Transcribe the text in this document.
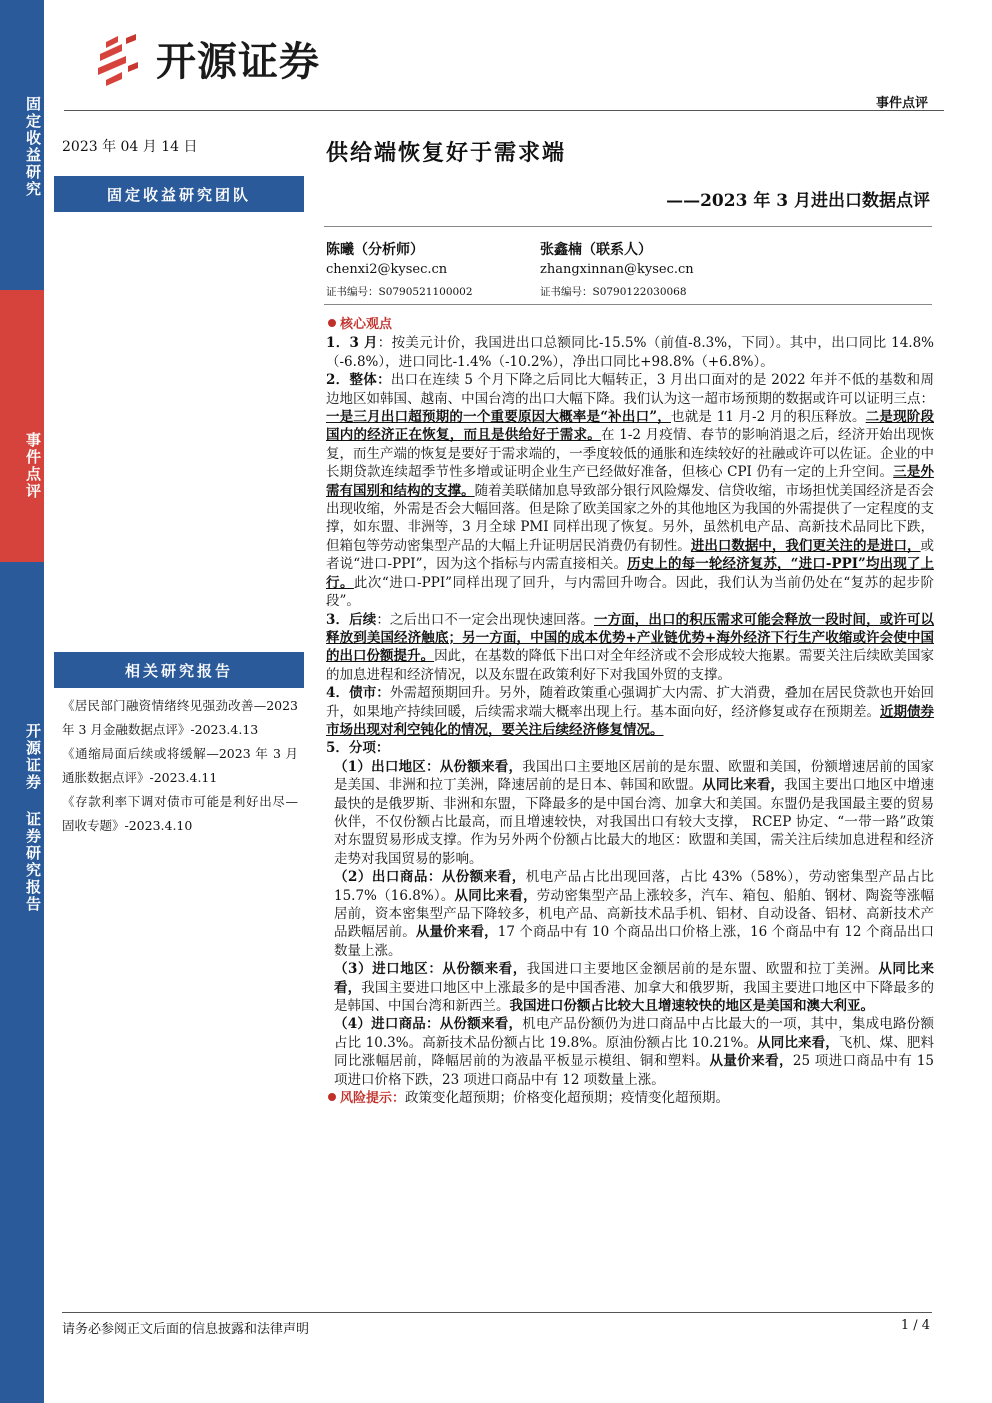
固定收益研究
事件点评
开源证券 证券研究报告
开源证券
事件点评
2023 年 04 月 14 日
固定收益研究团队
相关研究报告
《居民部门融资情绪终见强劲改善—2023 年 3 月金融数据点评》-2023.4.13
《通缩局面后续或将缓解—2023 年 3 月通胀数据点评》-2023.4.11
《存款利率下调对债市可能是利好出尽—固收专题》-2023.4.10
供给端恢复好于需求端
——2023 年 3 月进出口数据点评
陈曦（分析师）
chenxi2@kysec.cn
证书编号：S0790521100002
张鑫楠（联系人）
zhangxinnan@kysec.cn
证书编号：S0790122030068

核心观点

1．3 月：按美元计价，我国进出口总额同比-15.5%（前值-8.3%，下同）。其中，出口同比 14.8%（-6.8%），进口同比-1.4%（-10.2%），净出口同比+98.8%（+6.8%）。

2．整体：出口在连续 5 个月下降之后同比大幅转正，3 月出口面对的是 2022 年并不低的基数和周边地区如韩国、越南、中国台湾的出口大幅下降。我们认为这一超市场预期的数据或许可以证明三点：一是三月出口超预期的一个重要原因大概率是“补出口”，也就是 11 月-2 月的积压释放。二是现阶段国内的经济正在恢复，而且是供给好于需求。在 1-2 月疫情、春节的影响消退之后，经济开始出现恢复，而生产端的恢复是要好于需求端的，一季度较低的通胀和连续较好的社融或许可以佐证。企业的中长期贷款连续超季节性多增或证明企业生产已经做好准备，但核心 CPI 仍有一定的上升空间。三是外需有国别和结构的支撑。随着美联储加息导致部分银行风险爆发、信贷收缩，市场担忧美国经济是否会出现收缩，外需是否会大幅回落。但是除了欧美国家之外的其他地区为我国的外需提供了一定程度的支撑，如东盟、非洲等，3 月全球 PMI 同样出现了恢复。另外，虽然机电产品、高新技术品同比下跌，但箱包等劳动密集型产品的大幅上升证明居民消费仍有韧性。进出口数据中，我们更关注的是进口，或者说“进口-PPI”，因为这个指标与内需直接相关。历史上的每一轮经济复苏，“进口-PPI”均出现了上行。此次“进口-PPI”同样出现了回升，与内需回升吻合。因此，我们认为当前仍处在“复苏的起步阶段”。

3．后续：之后出口不一定会出现快速回落。一方面，出口的积压需求可能会释放一段时间，或许可以释放到美国经济触底；另一方面，中国的成本优势+产业链优势+海外经济下行生产收缩或许会使中国的出口份额提升。因此，在基数的降低下出口对全年经济或不会形成较大拖累。需要关注后续欧美国家的加息进程和经济情况，以及东盟在政策利好下对我国外贸的支撑。

4．债市：外需超预期回升。另外，随着政策重心强调扩大内需、扩大消费，叠加在居民贷款也开始回升，如果地产持续回暖，后续需求端大概率出现上行。基本面向好，经济修复或存在预期差。近期债券市场出现对利空钝化的情况，要关注后续经济修复情况。

5．分项：

（1）出口地区：从份额来看，我国出口主要地区居前的是东盟、欧盟和美国，份额增速居前的国家是美国、非洲和拉丁美洲，降速居前的是日本、韩国和欧盟。从同比来看，我国主要出口地区中增速最快的是俄罗斯、非洲和东盟，下降最多的是中国台湾、加拿大和美国。东盟仍是我国最主要的贸易伙伴，不仅份额占比最高，而且增速较快，对我国出口有较大支撑， RCEP 协定、“一带一路”政策对东盟贸易形成支撑。作为另外两个份额占比最大的地区：欧盟和美国，需关注后续加息进程和经济走势对我国贸易的影响。

（2）出口商品：从份额来看，机电产品占比出现回落，占比 43%（58%），劳动密集型产品占比 15.7%（16.8%）。从同比来看，劳动密集型产品上涨较多，汽车、箱包、船舶、钢材、陶瓷等涨幅居前，资本密集型产品下降较多，机电产品、高新技术品手机、铝材、自动设备、铝材、高新技术产品跌幅居前。从量价来看，17 个商品中有 10 个商品出口价格上涨，16 个商品中有 12 个商品出口数量上涨。

（3）进口地区：从份额来看，我国进口主要地区金额居前的是东盟、欧盟和拉丁美洲。从同比来看，我国主要进口地区中上涨最多的是中国香港、加拿大和俄罗斯，我国主要进口地区中下降最多的是韩国、中国台湾和新西兰。我国进口份额占比较大且增速较快的地区是美国和澳大利亚。

（4）进口商品：从份额来看，机电产品份额仍为进口商品中占比最大的一项，其中，集成电路份额占比 10.3%。高新技术品份额占比 19.8%。原油份额占比 10.21%。从同比来看，飞机、煤、肥料同比涨幅居前，降幅居前的为液晶平板显示模组、铜和塑料。从量价来看，25 项进口商品中有 15 项进口价格下跌，23 项进口商品中有 12 项数量上涨。

风险提示：政策变化超预期；价格变化超预期；疫情变化超预期。

请务必参阅正文后面的信息披露和法律声明	1 / 4
